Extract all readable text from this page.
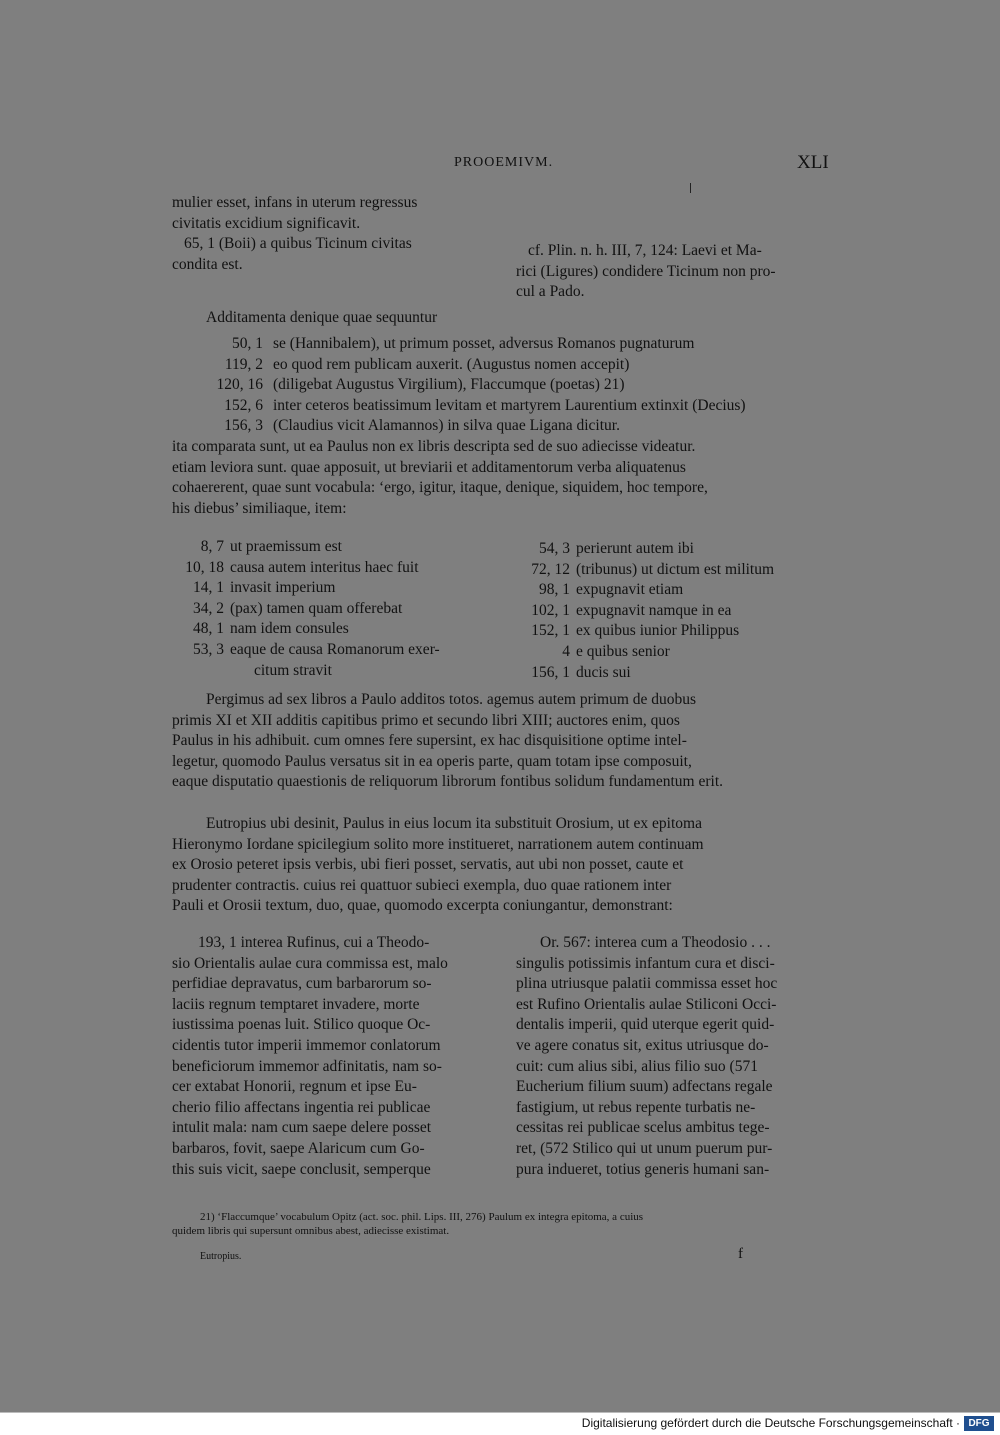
PROOEMIVM.	XLI
mulier esset, infans in uterum regressus
civitatis excidium significavit.
65, 1 (Boii) a quibus Ticinum civitas
condita est.
cf. Plin. n. h. III, 7, 124: Laevi et Ma-
rici (Ligures) condidere Ticinum non pro-
cul a Pado.
Additamenta denique quae sequuntur
50, 1 se (Hannibalem), ut primum posset, adversus Romanos pugnaturum
119, 2 eo quod rem publicam auxerit. (Augustus nomen accepit)
120, 16 (diligebat Augustus Virgilium), Flaccumque (poetas) 21)
152, 6 inter ceteros beatissimum levitam et martyrem Laurentium extinxit (Decius)
156, 3 (Claudius vicit Alamannos) in silva quae Ligana dicitur.
ita comparata sunt, ut ea Paulus non ex libris descripta sed de suo adiecisse videatur.
etiam leviora sunt. quae apposuit, ut breviarii et additamentorum verba aliquatenus
cohaererent, quae sunt vocabula: ‘ergo, igitur, itaque, denique, siquidem, hoc tempore,
his diebus’ similiaque, item:
8, 7 ut praemissum est
10, 18 causa autem interitus haec fuit
14, 1 invasit imperium
34, 2 (pax) tamen quam offerebat
48, 1 nam idem consules
53, 3 eaque de causa Romanorum exer-
citum stravit
54, 3 perierunt autem ibi
72, 12 (tribunus) ut dictum est militum
98, 1 expugnavit etiam
102, 1 expugnavit namque in ea
152, 1 ex quibus iunior Philippus
4 e quibus senior
156, 1 ducis sui
Pergimus ad sex libros a Paulo additos totos. agemus autem primum de duobus
primis XI et XII additis capitibus primo et secundo libri XIII; auctores enim, quos
Paulus in his adhibuit. cum omnes fere supersint, ex hac disquisitione optime intel-
legetur, quomodo Paulus versatus sit in ea operis parte, quam totam ipse composuit,
eaque disputatio quaestionis de reliquorum librorum fontibus solidum fundamentum erit.
Eutropius ubi desinit, Paulus in eius locum ita substituit Orosium, ut ex epitoma
Hieronymo Iordane spicilegium solito more institueret, narrationem autem continuam
ex Orosio peteret ipsis verbis, ubi fieri posset, servatis, aut ubi non posset, caute et
prudenter contractis. cuius rei quattuor subieci exempla, duo quae rationem inter
Pauli et Orosii textum, duo, quae, quomodo excerpta coniungantur, demonstrant:
193, 1 interea Rufinus, cui a Theodo-
sio Orientalis aulae cura commissa est, malo
perfidiae depravatus, cum barbarorum so-
laciis regnum temptaret invadere, morte
iustissima poenas luit. Stilico quoque Oc-
cidentis tutor imperii immemor conlatorum
beneficiorum immemor adfinitatis, nam so-
cer extabat Honorii, regnum et ipse Eu-
cherio filio affectans ingentia rei publicae
intulit mala: nam cum saepe delere posset
barbaros, fovit, saepe Alaricum cum Go-
this suis vicit, saepe conclusit, semperque
Or. 567: interea cum a Theodosio . . .
singulis potissimis infantum cura et disci-
plina utriusque palatii commissa esset hoc
est Rufino Orientalis aulae Stiliconi Occi-
dentalis imperii, quid uterque egerit quid-
ve agere conatus sit, exitus utriusque do-
cuit: cum alius sibi, alius filio suo (571
Eucherium filium suum) adfectans regale
fastigium, ut rebus repente turbatis ne-
cessitas rei publicae scelus ambitus tege-
ret, (572 Stilico qui ut unum puerum pur-
pura indueret, totius generis humani san-
21) ‘Flaccumque’ vocabulum Opitz (act. soc. phil. Lips. III, 276) Paulum ex integra epitoma, a cuius
quidem libris qui supersunt omnibus abest, adiecisse existimat.
Eutropius.	f
Digitalisierung gefördert durch die Deutsche Forschungsgemeinschaft · DFG
